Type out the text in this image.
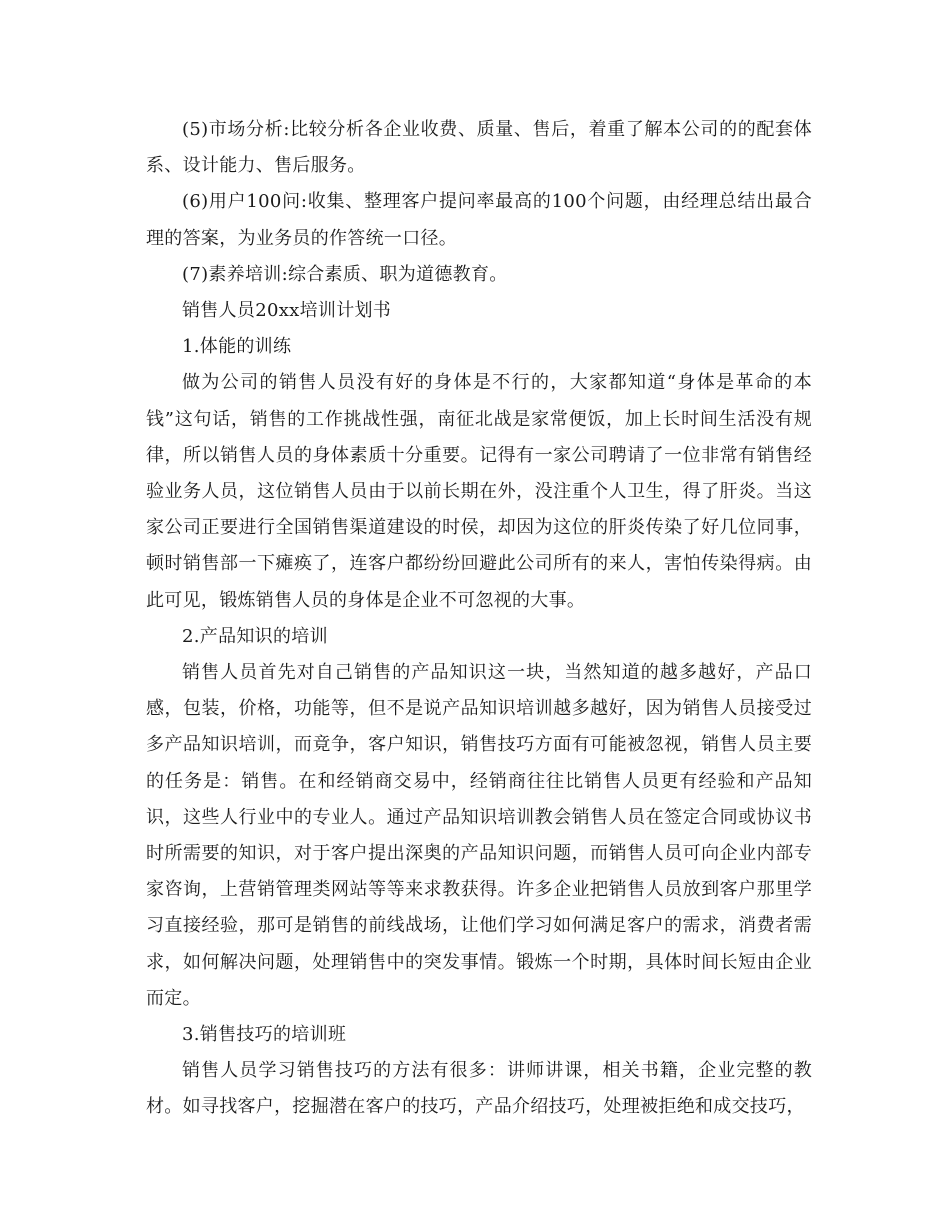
(5)市场分析:比较分析各企业收费、质量、售后，着重了解本公司的的配套体系、设计能力、售后服务。

(6)用户100问:收集、整理客户提问率最高的100个问题，由经理总结出最合理的答案，为业务员的作答统一口径。

(7)素养培训:综合素质、职为道德教育。

销售人员20xx培训计划书

1.体能的训练

做为公司的销售人员没有好的身体是不行的，大家都知道“身体是革命的本钱”这句话，销售的工作挑战性强，南征北战是家常便饭，加上长时间生活没有规律，所以销售人员的身体素质十分重要。记得有一家公司聘请了一位非常有销售经验业务人员，这位销售人员由于以前长期在外，没注重个人卫生，得了肝炎。当这家公司正要进行全国销售渠道建设的时侯，却因为这位的肝炎传染了好几位同事，顿时销售部一下瘫痪了，连客户都纷纷回避此公司所有的来人，害怕传染得病。由此可见，锻炼销售人员的身体是企业不可忽视的大事。

2.产品知识的培训

销售人员首先对自己销售的产品知识这一块，当然知道的越多越好，产品口感，包装，价格，功能等，但不是说产品知识培训越多越好，因为销售人员接受过多产品知识培训，而竟争，客户知识，销售技巧方面有可能被忽视，销售人员主要的任务是：销售。在和经销商交易中，经销商往往比销售人员更有经验和产品知识，这些人行业中的专业人。通过产品知识培训教会销售人员在签定合同或协议书时所需要的知识，对于客户提出深奥的产品知识问题，而销售人员可向企业内部专家咨询，上营销管理类网站等等来求教获得。许多企业把销售人员放到客户那里学习直接经验，那可是销售的前线战场，让他们学习如何满足客户的需求，消费者需求，如何解决问题，处理销售中的突发事情。锻炼一个时期，具体时间长短由企业而定。

3.销售技巧的培训班

销售人员学习销售技巧的方法有很多：讲师讲课，相关书籍，企业完整的教材。如寻找客户，挖掘潜在客户的技巧，产品介绍技巧，处理被拒绝和成交技巧，
